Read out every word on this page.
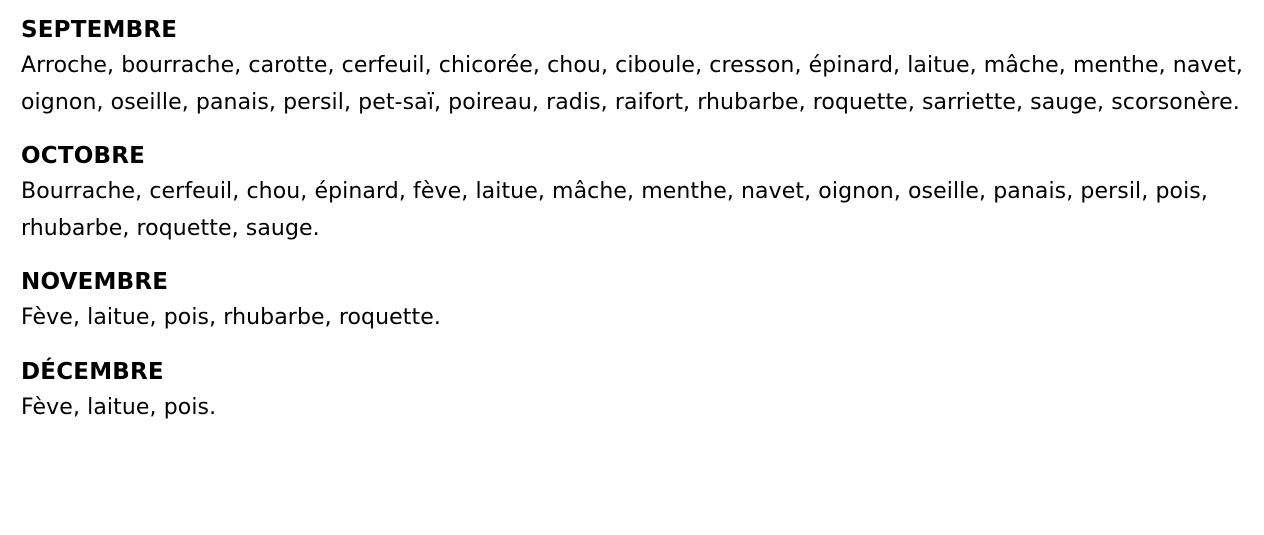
SEPTEMBRE
Arroche, bourrache, carotte, cerfeuil, chicorée, chou, ciboule, cresson, épinard, laitue, mâche, menthe, navet, oignon, oseille, panais, persil, pet-saï, poireau, radis, raifort, rhubarbe, roquette, sarriette, sauge, scorsonère.
OCTOBRE
Bourrache, cerfeuil, chou, épinard, fève, laitue, mâche, menthe, navet, oignon, oseille, panais, persil, pois, rhubarbe, roquette, sauge.
NOVEMBRE
Fève, laitue, pois, rhubarbe, roquette.
DÉCEMBRE
Fève, laitue, pois.
